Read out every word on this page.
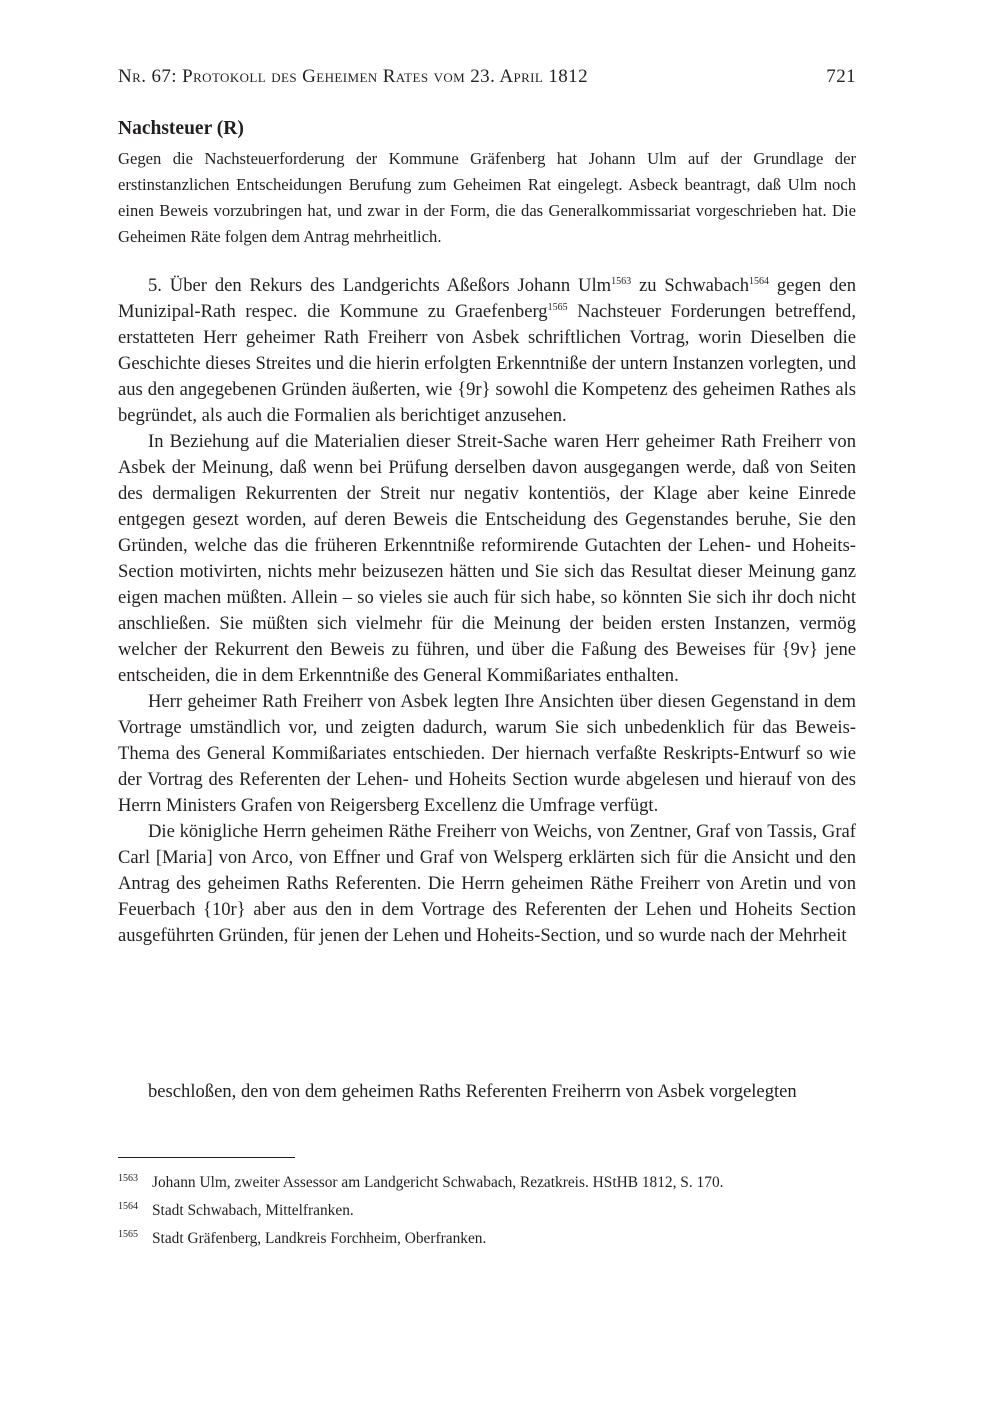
Nr. 67: Protokoll des Geheimen Rates vom 23. April 1812	721
Nachsteuer (R)

Gegen die Nachsteuerforderung der Kommune Gräfenberg hat Johann Ulm auf der Grundlage der erstinstanzlichen Entscheidungen Berufung zum Geheimen Rat eingelegt. Asbeck beantragt, daß Ulm noch einen Beweis vorzubringen hat, und zwar in der Form, die das Generalkommissariat vorgeschrieben hat. Die Geheimen Räte folgen dem Antrag mehrheitlich.

5. Über den Rekurs des Landgerichts Aßeßors Johann Ulm$^{1563}$ zu Schwabach$^{1564}$ gegen den Munizipal-Rath respec. die Kommune zu Graefenberg$^{1565}$ Nachsteuer Forderungen betreffend, erstatteten Herr geheimer Rath Freiherr von Asbek schriftlichen Vortrag, worin Dieselben die Geschichte dieses Streites und die hierin erfolgten Erkenntniße der untern Instanzen vorlegten, und aus den angegebenen Gründen äußerten, wie {9r} sowohl die Kompetenz des geheimen Rathes als begründet, als auch die Formalien als berichtiget anzusehen.

In Beziehung auf die Materialien dieser Streit-Sache waren Herr geheimer Rath Freiherr von Asbek der Meinung, daß wenn bei Prüfung derselben davon ausgegangen werde, daß von Seiten des dermaligen Rekurrenten der Streit nur negativ kontentiös, der Klage aber keine Einrede entgegen gesezt worden, auf deren Beweis die Entscheidung des Gegenstandes beruhe, Sie den Gründen, welche das die früheren Erkenntniße reformirende Gutachten der Lehen- und Hoheits-Section motivirten, nichts mehr beizusezen hätten und Sie sich das Resultat dieser Meinung ganz eigen machen müßten. Allein – so vieles sie auch für sich habe, so könnten Sie sich ihr doch nicht anschließen. Sie müßten sich vielmehr für die Meinung der beiden ersten Instanzen, vermög welcher der Rekurrent den Beweis zu führen, und über die Faßung des Beweises für {9v} jene entscheiden, die in dem Erkenntniße des General Kommißariates enthalten.

Herr geheimer Rath Freiherr von Asbek legten Ihre Ansichten über diesen Gegenstand in dem Vortrage umständlich vor, und zeigten dadurch, warum Sie sich unbedenklich für das Beweis-Thema des General Kommißariates entschieden. Der hiernach verfaßte Reskripts-Entwurf so wie der Vortrag des Referenten der Lehen- und Hoheits Section wurde abgelesen und hierauf von des Herrn Ministers Grafen von Reigersberg Excellenz die Umfrage verfügt.

Die königliche Herrn geheimen Räthe Freiherr von Weichs, von Zentner, Graf von Tassis, Graf Carl [Maria] von Arco, von Effner und Graf von Welsperg erklärten sich für die Ansicht und den Antrag des geheimen Raths Referenten. Die Herrn geheimen Räthe Freiherr von Aretin und von Feuerbach {10r} aber aus den in dem Vortrage des Referenten der Lehen und Hoheits Section ausgeführten Gründen, für jenen der Lehen und Hoheits-Section, und so wurde nach der Mehrheit

beschloßen, den von dem geheimen Raths Referenten Freiherrn von Asbek vorgelegten

1563 Johann Ulm, zweiter Assessor am Landgericht Schwabach, Rezatkreis. HStHB 1812, S. 170.
1564 Stadt Schwabach, Mittelfranken.
1565 Stadt Gräfenberg, Landkreis Forchheim, Oberfranken.
